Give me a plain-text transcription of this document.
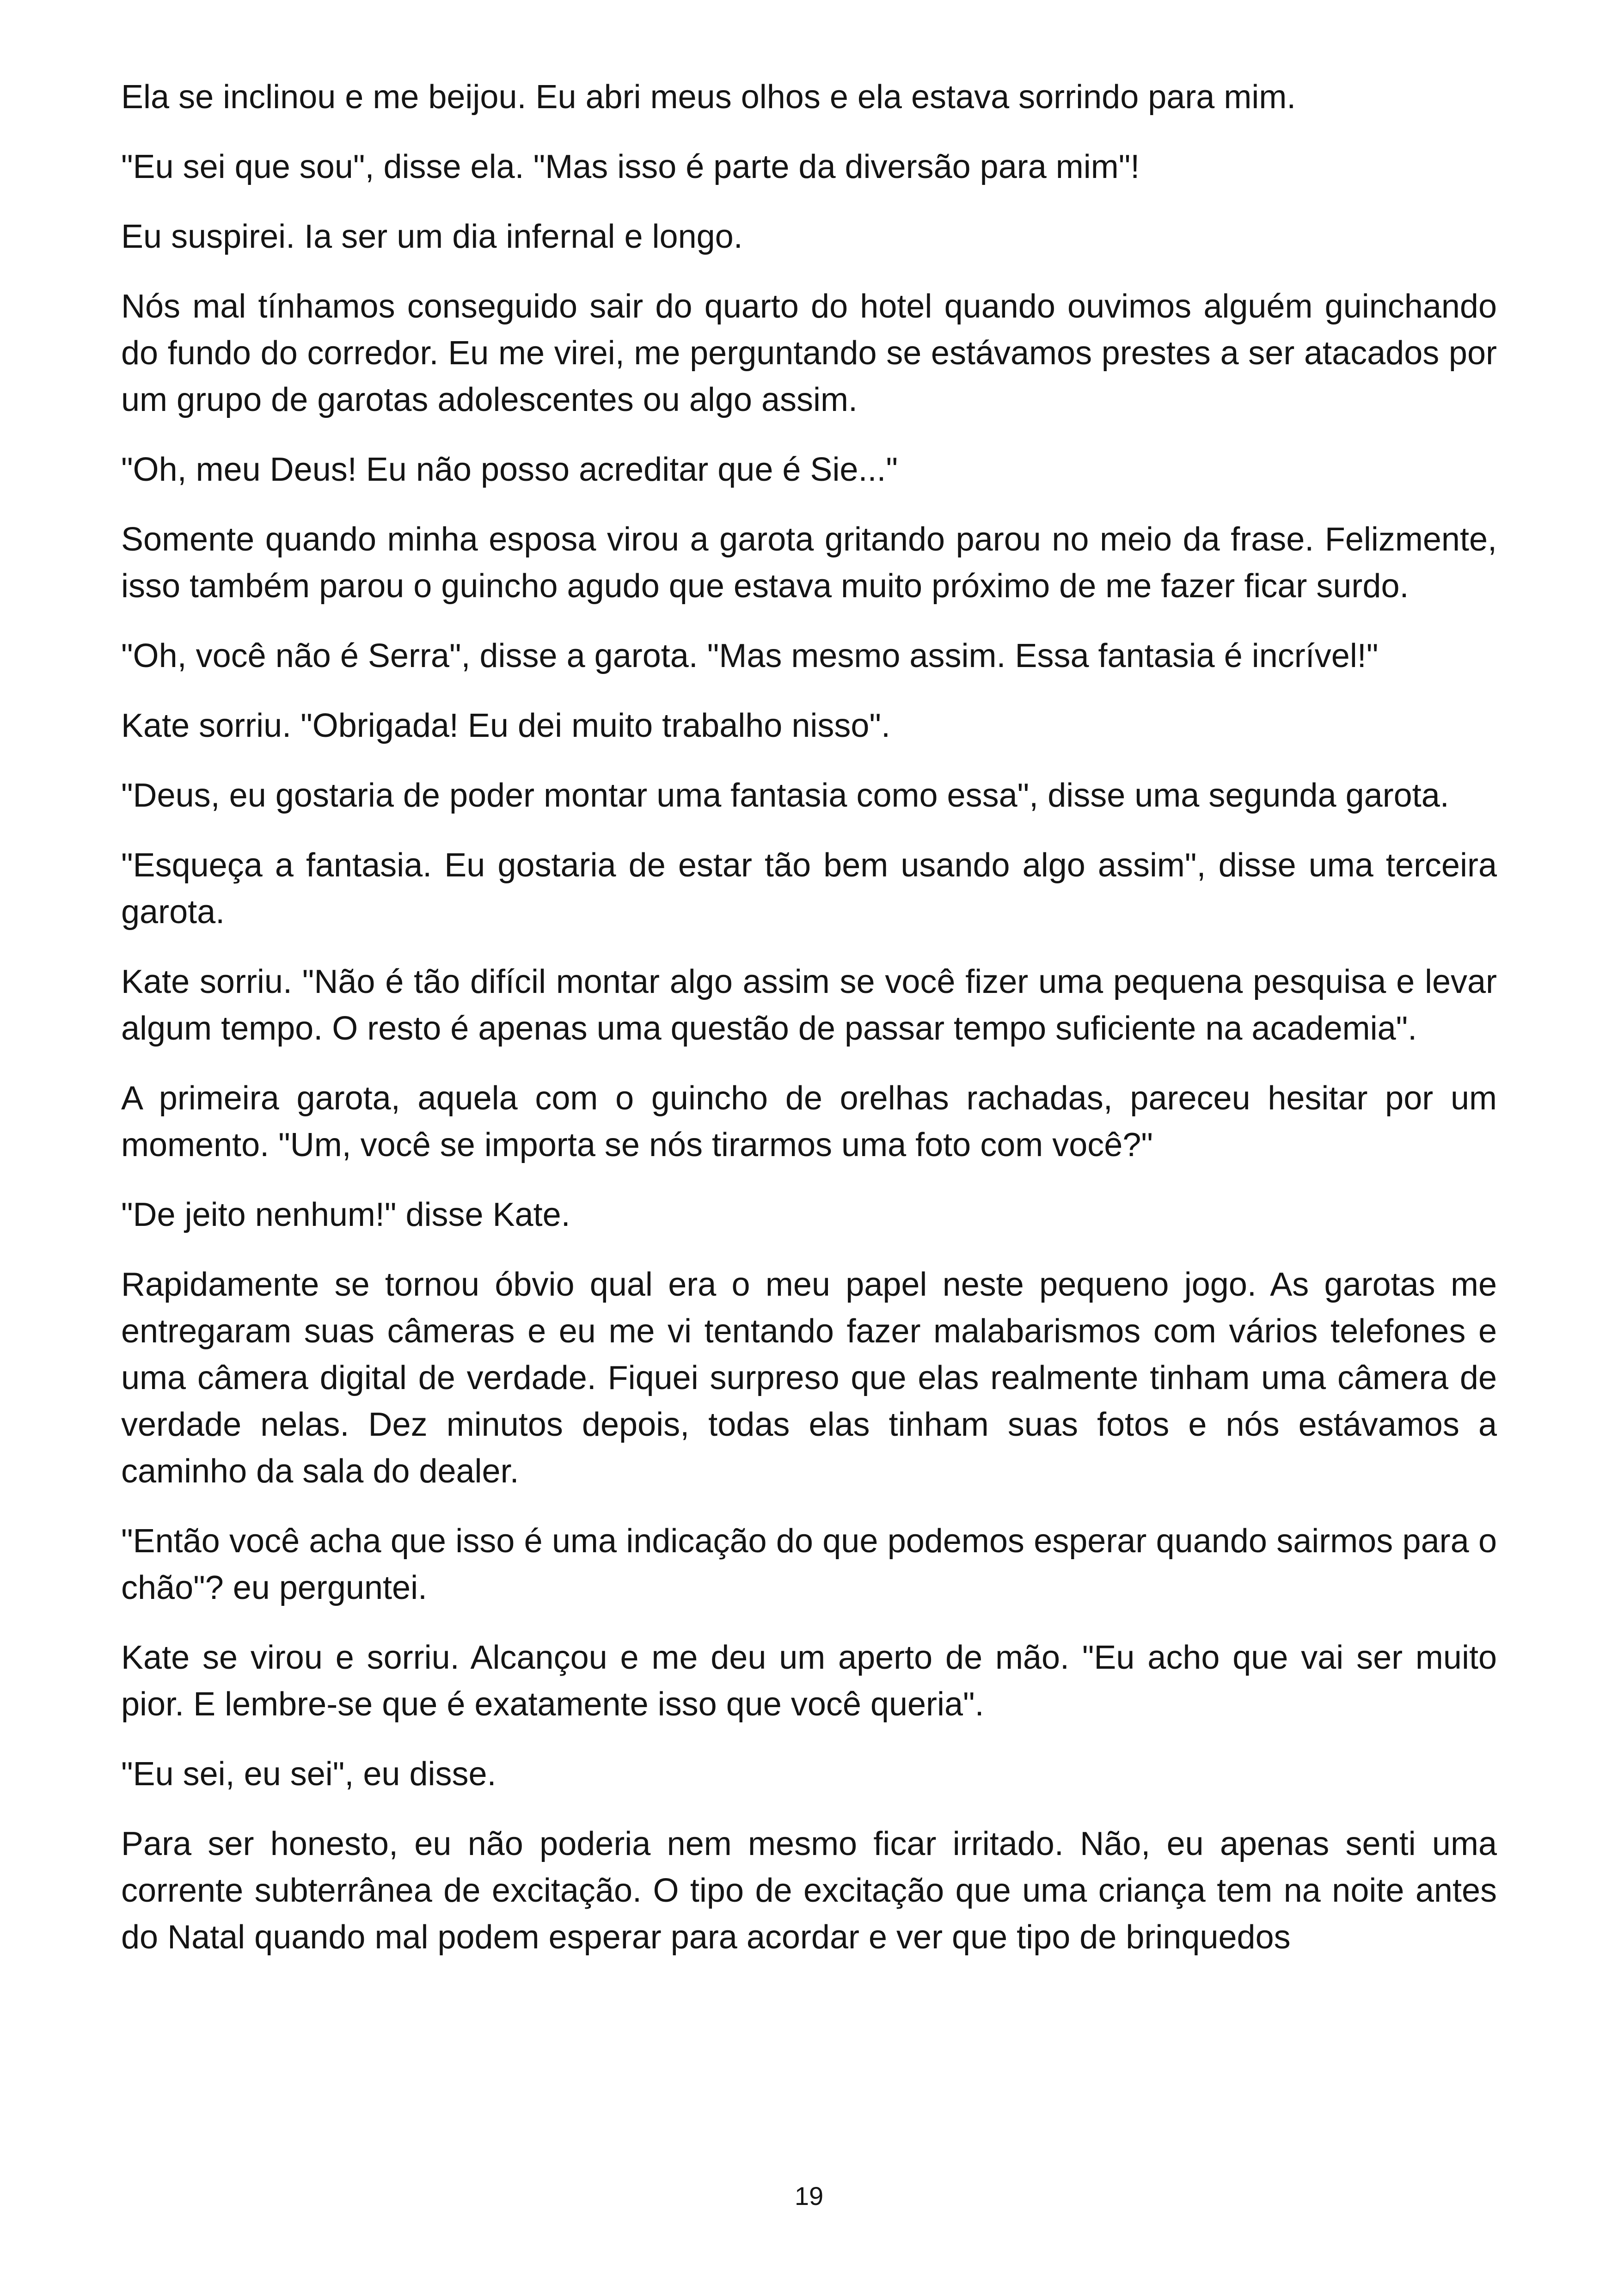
Ela se inclinou e me beijou. Eu abri meus olhos e ela estava sorrindo para mim.

"Eu sei que sou", disse ela. "Mas isso é parte da diversão para mim"!

Eu suspirei. Ia ser um dia infernal e longo.

Nós mal tínhamos conseguido sair do quarto do hotel quando ouvimos alguém guinchando do fundo do corredor. Eu me virei, me perguntando se estávamos prestes a ser atacados por um grupo de garotas adolescentes ou algo assim.

"Oh, meu Deus! Eu não posso acreditar que é Sie..."

Somente quando minha esposa virou a garota gritando parou no meio da frase. Felizmente, isso também parou o guincho agudo que estava muito próximo de me fazer ficar surdo.

"Oh, você não é Serra", disse a garota. "Mas mesmo assim. Essa fantasia é incrível!"

Kate sorriu. "Obrigada! Eu dei muito trabalho nisso".

"Deus, eu gostaria de poder montar uma fantasia como essa", disse uma segunda garota.

"Esqueça a fantasia. Eu gostaria de estar tão bem usando algo assim", disse uma terceira garota.

Kate sorriu. "Não é tão difícil montar algo assim se você fizer uma pequena pesquisa e levar algum tempo. O resto é apenas uma questão de passar tempo suficiente na academia".

A primeira garota, aquela com o guincho de orelhas rachadas, pareceu hesitar por um momento. "Um, você se importa se nós tirarmos uma foto com você?"

"De jeito nenhum!" disse Kate.

Rapidamente se tornou óbvio qual era o meu papel neste pequeno jogo. As garotas me entregaram suas câmeras e eu me vi tentando fazer malabarismos com vários telefones e uma câmera digital de verdade. Fiquei surpreso que elas realmente tinham uma câmera de verdade nelas. Dez minutos depois, todas elas tinham suas fotos e nós estávamos a caminho da sala do dealer.

"Então você acha que isso é uma indicação do que podemos esperar quando sairmos para o chão"? eu perguntei.

Kate se virou e sorriu. Alcançou e me deu um aperto de mão. "Eu acho que vai ser muito pior. E lembre-se que é exatamente isso que você queria".

"Eu sei, eu sei", eu disse.

Para ser honesto, eu não poderia nem mesmo ficar irritado. Não, eu apenas senti uma corrente subterrânea de excitação. O tipo de excitação que uma criança tem na noite antes do Natal quando mal podem esperar para acordar e ver que tipo de brinquedos

19
